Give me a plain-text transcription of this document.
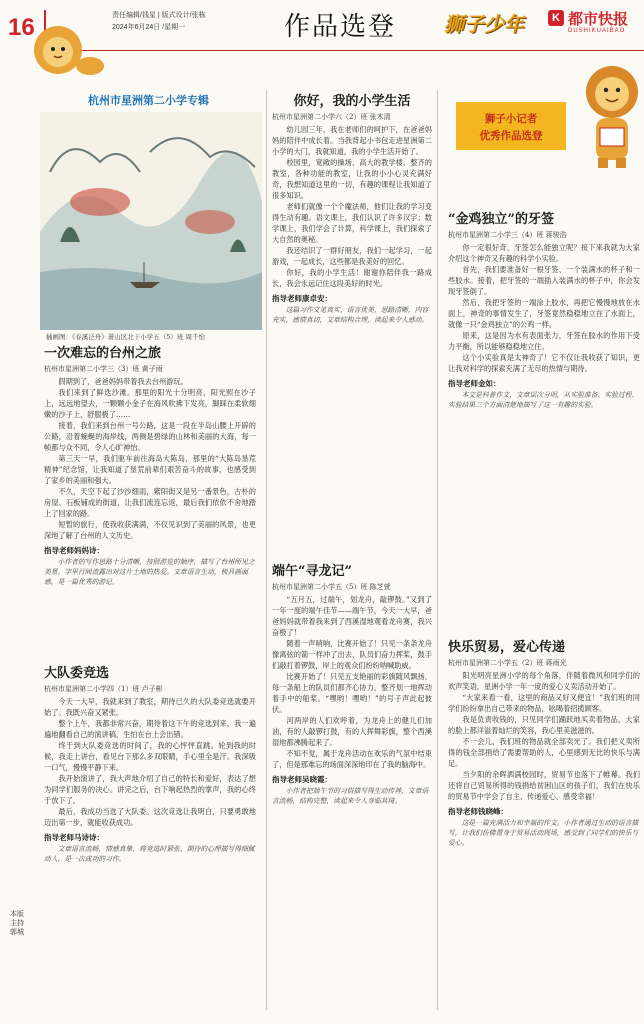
16	责任编辑/钱星 | 版式设计/张栋
2024年6月24日 /星期一	作品选登 狮子少年	K 都市快报
DUSHIKUAIBAO
杭州市星洲第二小学专辑
插画图：《春溪泛舟》萧山区北干小学五（5）班 周千怡
一次难忘的台州之旅
杭州市星洲第二小学三（3）班 黄子雨

假期到了，爸爸妈妈带着我去台州游玩。

我们来到了鲜迭沙滩。那里的阳光十分明亮，阳光照在沙子上，远远地望去，一颗颗小金子在海风吹拂下发亮，脚踩在柔软细嫩的沙子上，舒服极了……

接着，我们来到台州一号公路，这是一段在半岛山腰上开辟的公路，沿着蜿蜒的海岸线，两侧是碧绿的山林和美丽的大海，每一帧都与众不同，令人心旷神怡。

第三天一早，我们驱车前往海岛大陈岛，那里的“大陈岛垦荒精神”纪念馆，让我知道了垦荒前辈们艰苦奋斗的故事，也感受到了家乡的美丽和强大。

不久，天空下起了沙沙细雨，紫阳街又是另一番景色，古朴的房屋、石板铺成的街道，让我们流连忘返，最后我们依依不舍地踏上了回家的路。

短暂的旅行，使我收获满满，不仅见识到了美丽的风景，也更深地了解了台州的人文历史。

指导老师妈妈诗：

小作者的写作思路十分清晰，按照游览的顺序，描写了台州所见之美景。字里行间流露出对这片土地的热爱。文章语言生动，极具画面感，是一篇优秀的游记。

大队委竞选
杭州市星洲第二小学四（1）班 卢子彬

今天一大早，我就来到了教室，期待已久的大队委竞选就要开始了。我既兴奋又紧张。

整个上午，我都非常兴奋，期待着这下午的竞选到来，我一遍遍地翻看自己的演讲稿，生怕在台上会出错。

终于到大队委竞选的时间了，我的心怦怦直跳。轮到我的时候，我走上讲台，看见台下那么多双眼睛，手心里全是汗。我深吸一口气，慢慢平静下来。

我开始演讲了，我大声地介绍了自己的特长和爱好，表达了想为同学们服务的决心。讲完之后，台下响起热烈的掌声，我的心终于放下了。

最后，我成功当选了大队委。这次竞选让我明白，只要勇敢地迈出第一步，就能收获成功。

指导老师马诗诗：

文章语言流畅，情感真挚，将竞选时紧张、期待的心理描写得细腻动人，是一次成功的习作。

本版主持 郭城
你好，我的小学生活
杭州市星洲第二小学六（2）班 张木清

幼儿园三年，我在老师们的呵护下，在爸爸妈妈的陪伴中成长着。当我背起小书包走进星洲第二小学的大门，我就知道，我的小学生活开始了。

校园里，宽敞的操场、高大的教学楼、整齐的教室，各种功能的教室，让我的小小心灵充满好奇，我想知道这里的一切，有趣的课程让我知道了很多知识。

老师们就像一个个魔法师，他们让我的学习变得生动有趣。语文课上，我们认识了许多汉字；数学课上，我们学会了计算，科学课上，我们探索了大自然的奥秘。

我还结识了一群好朋友，我们一起学习，一起游戏，一起成长，这些都是我美好的回忆。

你好，我的小学生活！谢谢你陪伴我一路成长，我会永远记住这段美好的时光。

指导老师康卓安：

这篇习作文笔真实，语言优美，思路清晰，内容充实，感情真切，文章结构合理，读起来令人感动。

端午“寻龙记”
杭州市星洲第二小学五（5）班 陈芝萱

“五月五，过端午，划龙舟，敲锣鼓。”又到了一年一度的端午佳节——端午节，今天一大早，爸爸妈妈就带着我来到了西溪湿地观看龙舟赛，我兴奋极了！

随着一声哨响，比赛开始了！只见一条条龙舟像离弦的箭一样冲了出去，队员们奋力挥桨，鼓手们敲打着锣鼓，岸上的观众们纷纷呐喊助威。

比赛开始了！只见五支艳丽的彩旗随风飘扬，每一条船上的队员们都齐心协力，整齐划一地挥动着手中的船桨。“嘿哟！嘿哟！”的号子声此起彼伏。

河两岸的人们欢呼着，为龙舟上的健儿们加油，有的人敲锣打鼓，有的人挥舞彩旗，整个西溪湿地都沸腾起来了。

不知不觉，属于龙舟活动在欢乐的气氛中结束了，但是那难忘的场面深深地印在了我的脑海中。

指导老师吴晓霞：

小作者把端午节的习俗描写得生动传神，文章语言流畅，结构完整，读起来令人身临其境。

狮子小记者
优秀作品选登
“金鸡独立”的牙签
杭州市星洲第二小学三（4）班 蒋骏浩

你一定很好奇，牙签怎么能独立呢？接下来我就为大家介绍这个神奇又有趣的科学小实验。

首先，我们要准备好一根牙签、一个装满水的杯子和一些胶水。接着，把牙签的一端插入装满水的杯子中，你会发现牙签倒了。

然后，我把牙签的一端涂上胶水，再把它慢慢地放在水面上，神奇的事情发生了，牙签竟然稳稳地立在了水面上，就像一只“金鸡独立”的公鸡一样。

原来，这是因为水有表面张力，牙签在胶水的作用下受力平衡，所以能够稳稳地立住。

这个小实验真是太神奇了！它不仅让我收获了知识，更让我对科学的探索充满了无尽的热情与期待。

指导老师金如：

本文是科普作文，文章层次分明，从实验准备、实验过程、实验结果三个方面清楚地描写了这一有趣的实验。

快乐贸易，爱心传递
杭州市星洲第二小学五（2）班 蒋雨光

阳光明亮星洲小学的每个角落，伴随着微风和同学们的欢声笑语，星洲小学一年一度的爱心义卖活动开始了。

“大家来看一看，这里的商品又好又便宜！”我们班的同学们纷纷拿出自己带来的物品，吆喝着招揽顾客。

我是负责收钱的，只见同学们踊跃地买卖着物品，大家的脸上都洋溢着灿烂的笑容，我心里美滋滋的。

不一会儿，我们班的物品就全部卖光了。我们把义卖所得的钱全部捐给了需要帮助的人，心里感到无比的快乐与满足。

当夕阳的余晖洒满校园时，贸易节也落下了帷幕。我们还将自己贸易所得的钱捐给贫困山区的孩子们，我们在快乐的贸易节中学会了自主、传递爱心、感受幸福！

指导老师钱晓峰：

这是一篇充满活力和幸福的作文。小作者通过生动的语言描写，让我们仿佛置身于贸易活动现场，感受到了同学们的快乐与爱心。
